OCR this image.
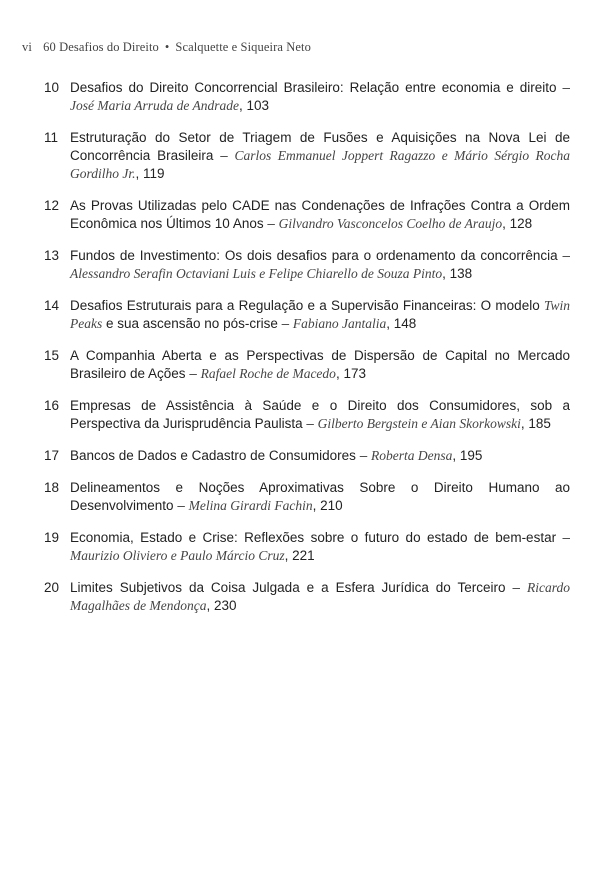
vi 60 Desafios do Direito • Scalquette e Siqueira Neto
10 Desafios do Direito Concorrencial Brasileiro: Relação entre economia e direito – José Maria Arruda de Andrade, 103
11 Estruturação do Setor de Triagem de Fusões e Aquisições na Nova Lei de Concorrência Brasileira – Carlos Emmanuel Joppert Ragazzo e Mário Sérgio Rocha Gordilho Jr., 119
12 As Provas Utilizadas pelo CADE nas Condenações de Infrações Contra a Ordem Econômica nos Últimos 10 Anos – Gilvandro Vasconcelos Coelho de Araujo, 128
13 Fundos de Investimento: Os dois desafios para o ordenamento da concorrência – Alessandro Serafin Octaviani Luis e Felipe Chiarello de Souza Pinto, 138
14 Desafios Estruturais para a Regulação e a Supervisão Financeiras: O modelo Twin Peaks e sua ascensão no pós-crise – Fabiano Jantalia, 148
15 A Companhia Aberta e as Perspectivas de Dispersão de Capital no Mercado Brasileiro de Ações – Rafael Roche de Macedo, 173
16 Empresas de Assistência à Saúde e o Direito dos Consumidores, sob a Perspectiva da Jurisprudência Paulista – Gilberto Bergstein e Aian Skorkowski, 185
17 Bancos de Dados e Cadastro de Consumidores – Roberta Densa, 195
18 Delineamentos e Noções Aproximativas Sobre o Direito Humano ao Desenvolvimento – Melina Girardi Fachin, 210
19 Economia, Estado e Crise: Reflexões sobre o futuro do estado de bem-estar – Maurizio Oliviero e Paulo Márcio Cruz, 221
20 Limites Subjetivos da Coisa Julgada e a Esfera Jurídica do Terceiro – Ricardo Magalhães de Mendonça, 230
